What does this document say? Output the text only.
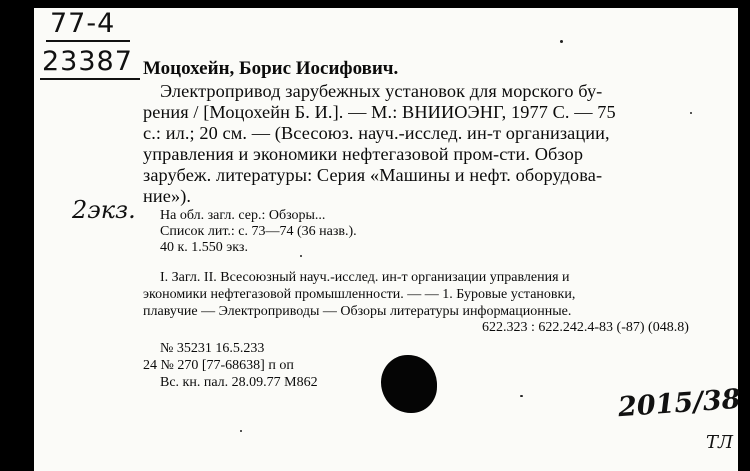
77-4
23387 Моцохейн, Борис Иосифович.
Электропривод зарубежных установок для морского бу-
рения / [Моцохейн Б. И.]. — М.: ВНИИОЭНГ, 1977 С. — 75
с.: ил.; 20 см. — (Всесоюз. науч.-исслед. ин-т организации,
управления и экономики нефтегазовой пром-сти. Обзор
зарубеж. литературы: Серия «Машины и нефт. оборудова-
ние»).
2экз. На обл. загл. сер.: Обзоры...
Список лит.: с. 73—74 (36 назв.).
40 к. 1.550 экз.
I. Загл. II. Всесоюзный науч.-исслед. ин-т организации управления и
экономики нефтегазовой промышленности. — — 1. Буровые установки,
плавучие — Электроприводы — Обзоры литературы информационные.
622.323 : 622.242.4-83 (-87) (048.8)
№ 35231 16.5.233
24 № 270 [77-68638] п оп
Вс. кн. пал. 28.09.77 М862
2015/38
ТЛ
